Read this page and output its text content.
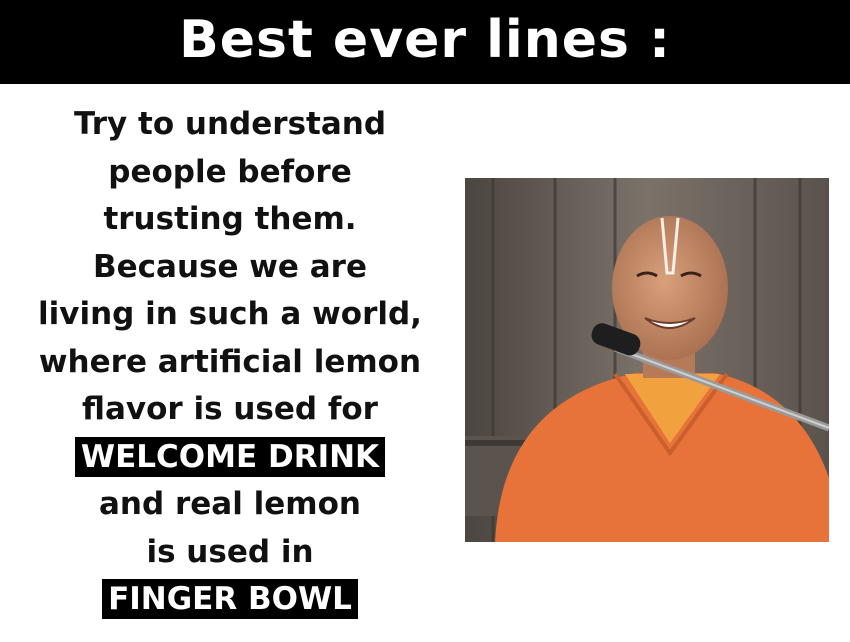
Best ever lines :
Try to understand
people before
trusting them.
Because we are
living in such a world,
where artificial lemon
flavor is used for
WELCOME DRINK
and real lemon
is used in
FINGER BOWL
